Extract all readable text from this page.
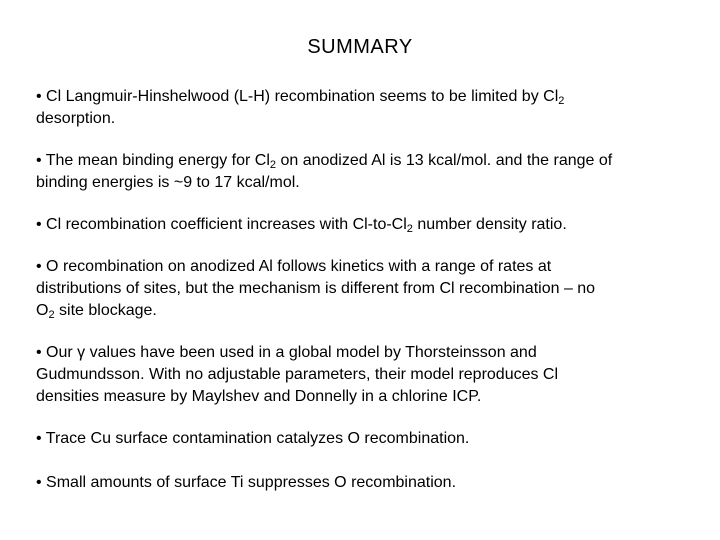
SUMMARY
• Cl Langmuir-Hinshelwood (L-H) recombination seems to be limited by $Cl_2$
desorption.
• The mean binding energy for $Cl_2$ on anodized Al is 13 kcal/mol. and the range of
binding energies is ~9 to 17 kcal/mol.
• Cl recombination coefficient increases with $Cl-to-Cl_2$ number density ratio.
• O recombination on anodized Al follows kinetics with a range of rates at
distributions of sites, but the mechanism is different from Cl recombination – no
$O_2$ site blockage.
• Our γ values have been used in a global model by Thorsteinsson and
Gudmundsson. With no adjustable parameters, their model reproduces Cl
densities measure by Maylshev and Donnelly in a chlorine ICP.
• Trace Cu surface contamination catalyzes O recombination.
• Small amounts of surface Ti suppresses O recombination.
